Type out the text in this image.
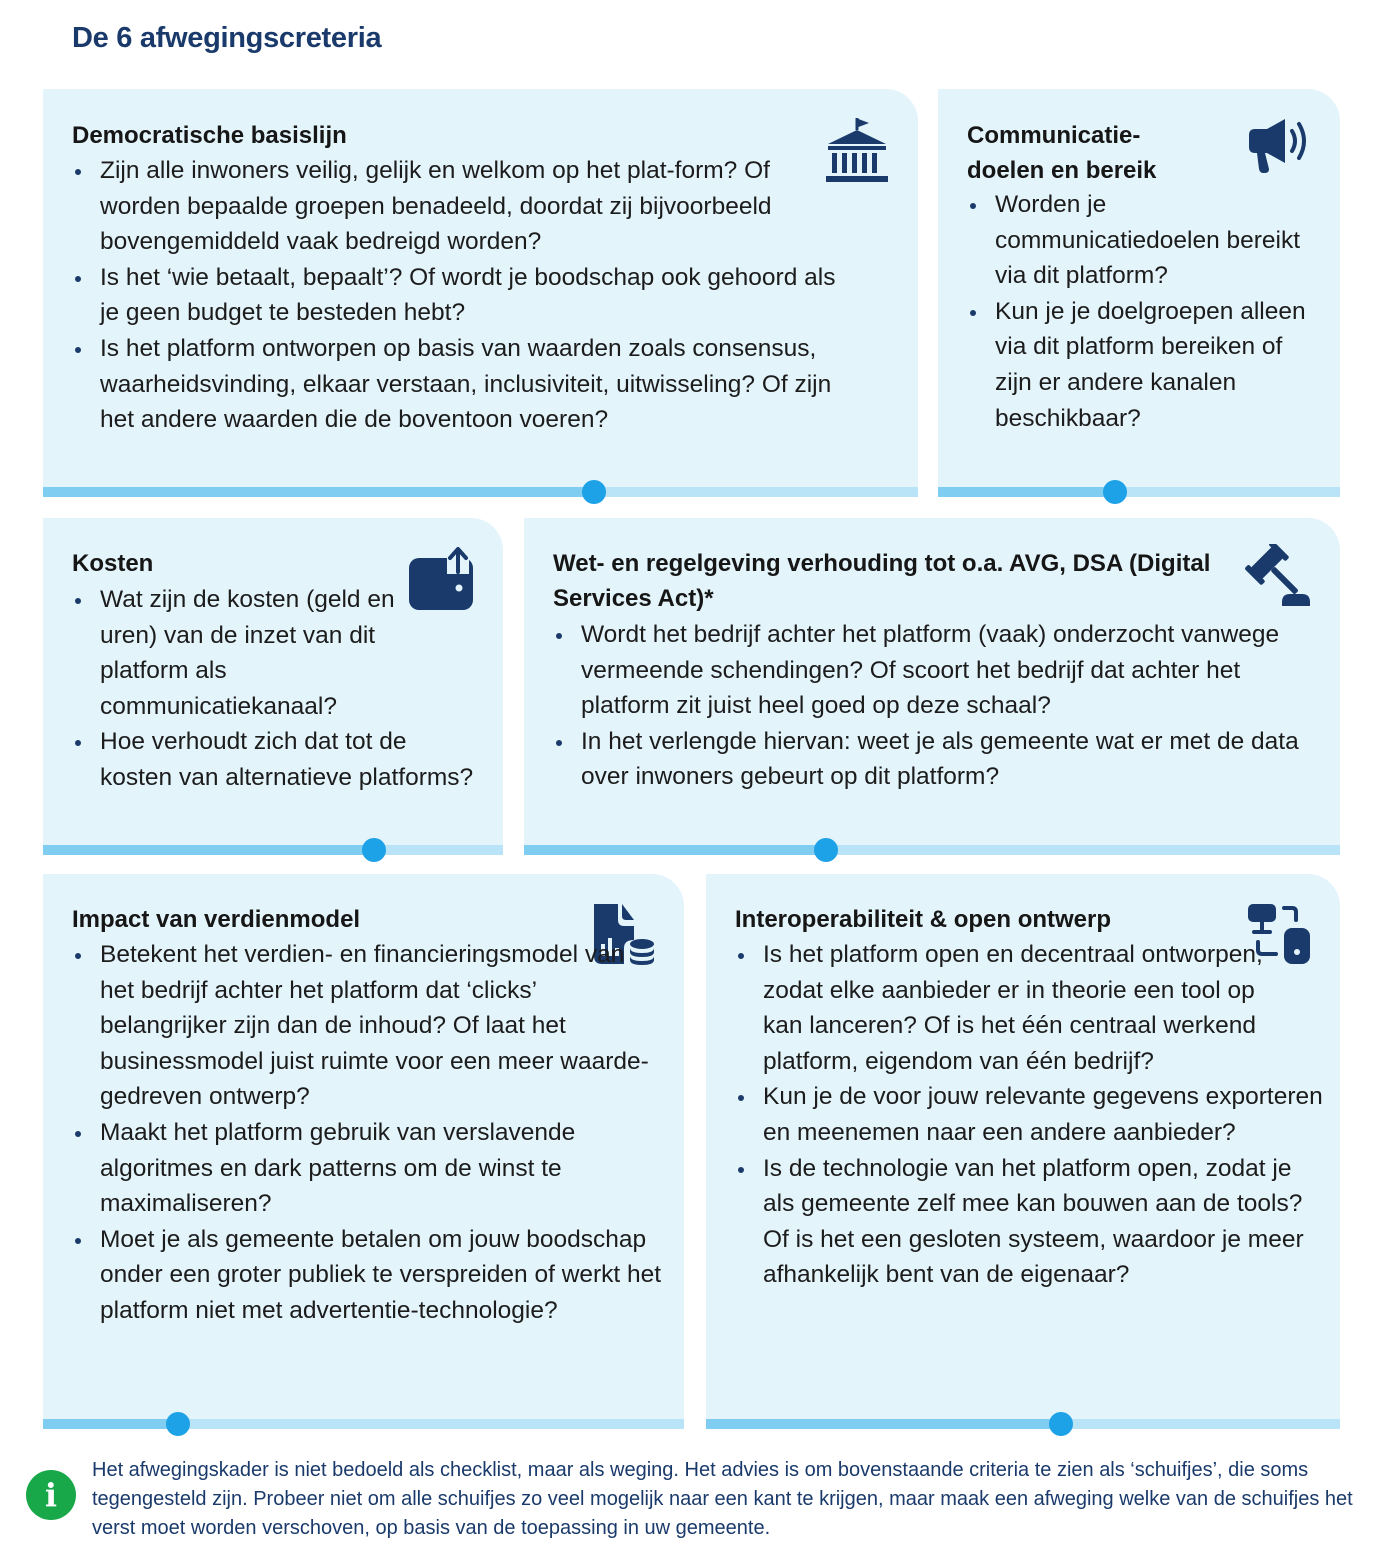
De 6 afwegingscreteria
Democratische basislijn
Zijn alle inwoners veilig, gelijk en welkom op het plat-form? Of worden bepaalde groepen benadeeld, doordat zij bijvoorbeeld bovengemiddeld vaak bedreigd worden?
Is het ‘wie betaalt, bepaalt’? Of wordt je boodschap ook gehoord als je geen budget te besteden hebt?
Is het platform ontworpen op basis van waarden zoals consensus, waarheidsvinding, elkaar verstaan, inclusiviteit, uitwisseling? Of zijn het andere waarden die de boventoon voeren?
Communicatie-doelen en bereik
Worden je communicatiedoelen bereikt via dit platform?
Kun je je doelgroepen alleen via dit platform bereiken of zijn er andere kanalen beschikbaar?
Kosten
Wat zijn de kosten (geld en uren) van de inzet van dit platform als communicatiekanaal?
Hoe verhoudt zich dat tot de kosten van alternatieve platforms?
Wet- en regelgeving verhouding tot o.a. AVG, DSA (Digital Services Act)*
Wordt het bedrijf achter het platform (vaak) onderzocht vanwege vermeende schendingen? Of scoort het bedrijf dat achter het platform zit juist heel goed op deze schaal?
In het verlengde hiervan: weet je als gemeente wat er met de data over inwoners gebeurt op dit platform?
Impact van verdienmodel
Betekent het verdien- en financieringsmodel van het bedrijf achter het platform dat ‘clicks’ belangrijker zijn dan de inhoud? Of laat het businessmodel juist ruimte voor een meer waarde-gedreven ontwerp?
Maakt het platform gebruik van verslavende algoritmes en dark patterns om de winst te maximaliseren?
Moet je als gemeente betalen om jouw boodschap onder een groter publiek te verspreiden of werkt het platform niet met advertentie-technologie?
Interoperabiliteit & open ontwerp
Is het platform open en decentraal ontworpen, zodat elke aanbieder er in theorie een tool op kan lanceren? Of is het één centraal werkend platform, eigendom van één bedrijf?
Kun je de voor jouw relevante gegevens exporteren en meenemen naar een andere aanbieder?
Is de technologie van het platform open, zodat je als gemeente zelf mee kan bouwen aan de tools? Of is het een gesloten systeem, waardoor je meer afhankelijk bent van de eigenaar?
i
Het afwegingskader is niet bedoeld als checklist, maar als weging. Het advies is om bovenstaande criteria te zien als ‘schuifjes’, die soms tegengesteld zijn. Probeer niet om alle schuifjes zo veel mogelijk naar een kant te krijgen, maar maak een afweging welke van de schuifjes het verst moet worden verschoven, op basis van de toepassing in uw gemeente.
